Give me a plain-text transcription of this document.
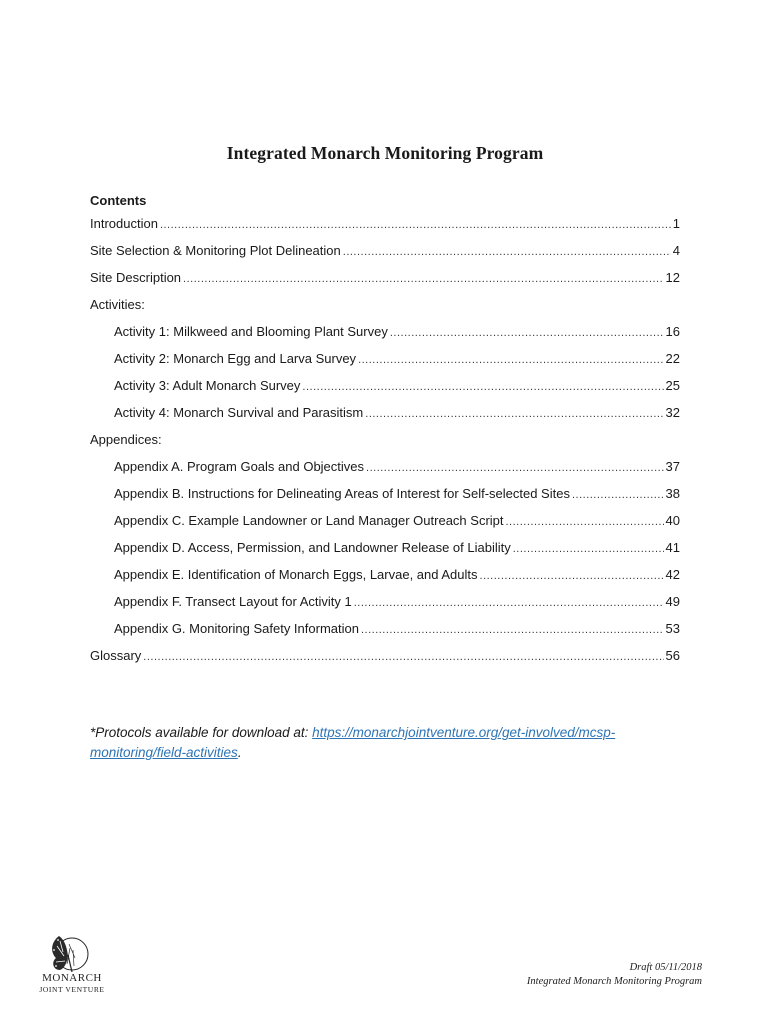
Integrated Monarch Monitoring Program
Contents
Introduction .....	1
Site Selection & Monitoring Plot Delineation .....	4
Site Description .....	12
Activities:
Activity 1: Milkweed and Blooming Plant Survey .....	16
Activity 2: Monarch Egg and Larva Survey .....	22
Activity 3: Adult Monarch Survey .....	25
Activity 4: Monarch Survival and Parasitism .....	32
Appendices:
Appendix A. Program Goals and Objectives .....	37
Appendix B. Instructions for Delineating Areas of Interest for Self-selected Sites .....	38
Appendix C. Example Landowner or Land Manager Outreach Script .....	40
Appendix D. Access, Permission, and Landowner Release of Liability .....	41
Appendix E. Identification of Monarch Eggs, Larvae, and Adults .....	42
Appendix F. Transect Layout for Activity 1 .....	49
Appendix G. Monitoring Safety Information .....	53
Glossary .....	56
*Protocols available for download at: https://monarchjointventure.org/get-involved/mcsp-monitoring/field-activities.
MONARCH
JOINT VENTURE
Draft 05/11/2018
Integrated Monarch Monitoring Program
